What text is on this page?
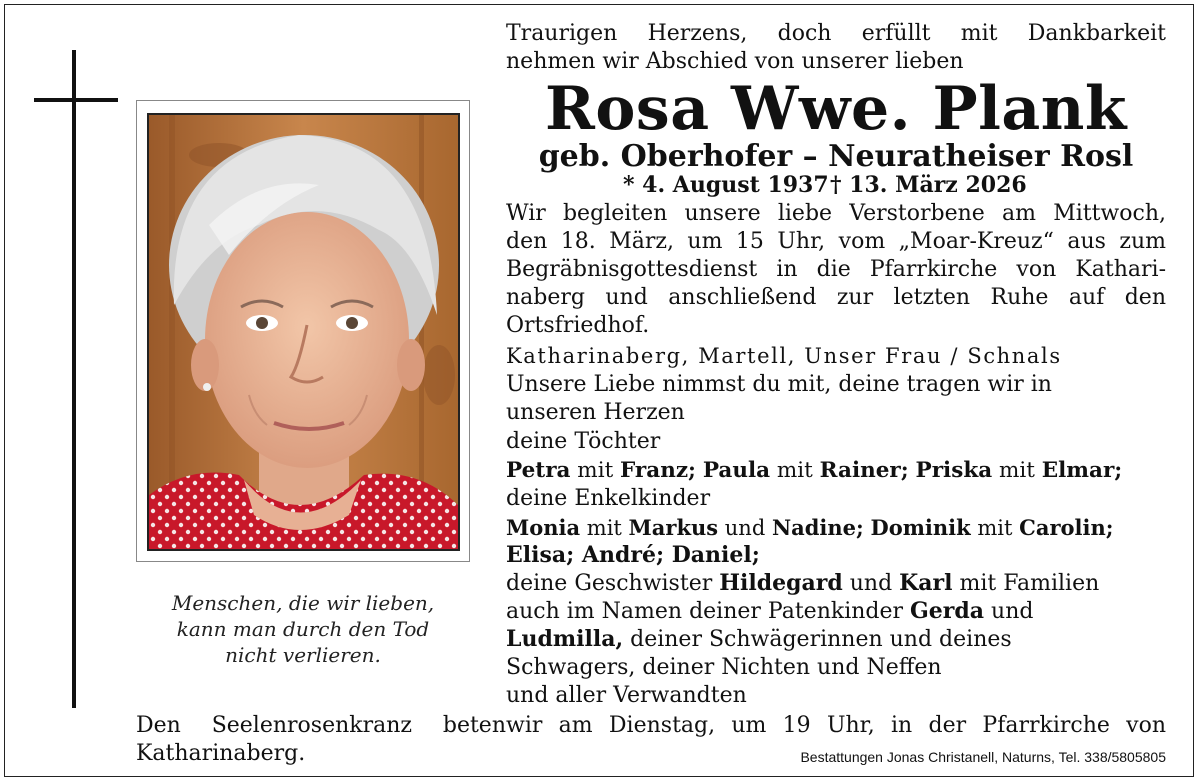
Menschen, die wir lieben,
kann man durch den Tod
nicht verlieren.
Traurigen Herzens, doch erfüllt mit Dankbarkeit
nehmen wir Abschied von unserer lieben
Rosa Wwe. Plank
geb. Oberhofer – Neuratheiser Rosl
* 4. August 1937 † 13. März 2026
Wir begleiten unsere liebe Verstorbene am Mittwoch,
den 18. März, um 15 Uhr, vom „Moar-Kreuz“ aus zum
Begräbnisgottesdienst in die Pfarrkirche von Kathari-
naberg und anschließend zur letzten Ruhe auf den
Ortsfriedhof.
Katharinaberg, Martell, Unser Frau / Schnals
Unsere Liebe nimmst du mit, deine tragen wir in
unseren Herzen
deine Töchter
Petra mit Franz; Paula mit Rainer; Priska mit Elmar;
deine Enkelkinder
Monia mit Markus und Nadine; Dominik mit Carolin;
Elisa; André; Daniel;
deine Geschwister Hildegard und Karl mit Familien
auch im Namen deiner Patenkinder Gerda und
Ludmilla, deiner Schwägerinnen und deines
Schwagers, deiner Nichten und Neffen
und aller Verwandten
Den Seelenrosenkranz beten
Katharinaberg.
wir am Dienstag, um 19 Uhr, in der Pfarrkirche von
Bestattungen Jonas Christanell, Naturns, Tel. 338/5805805
